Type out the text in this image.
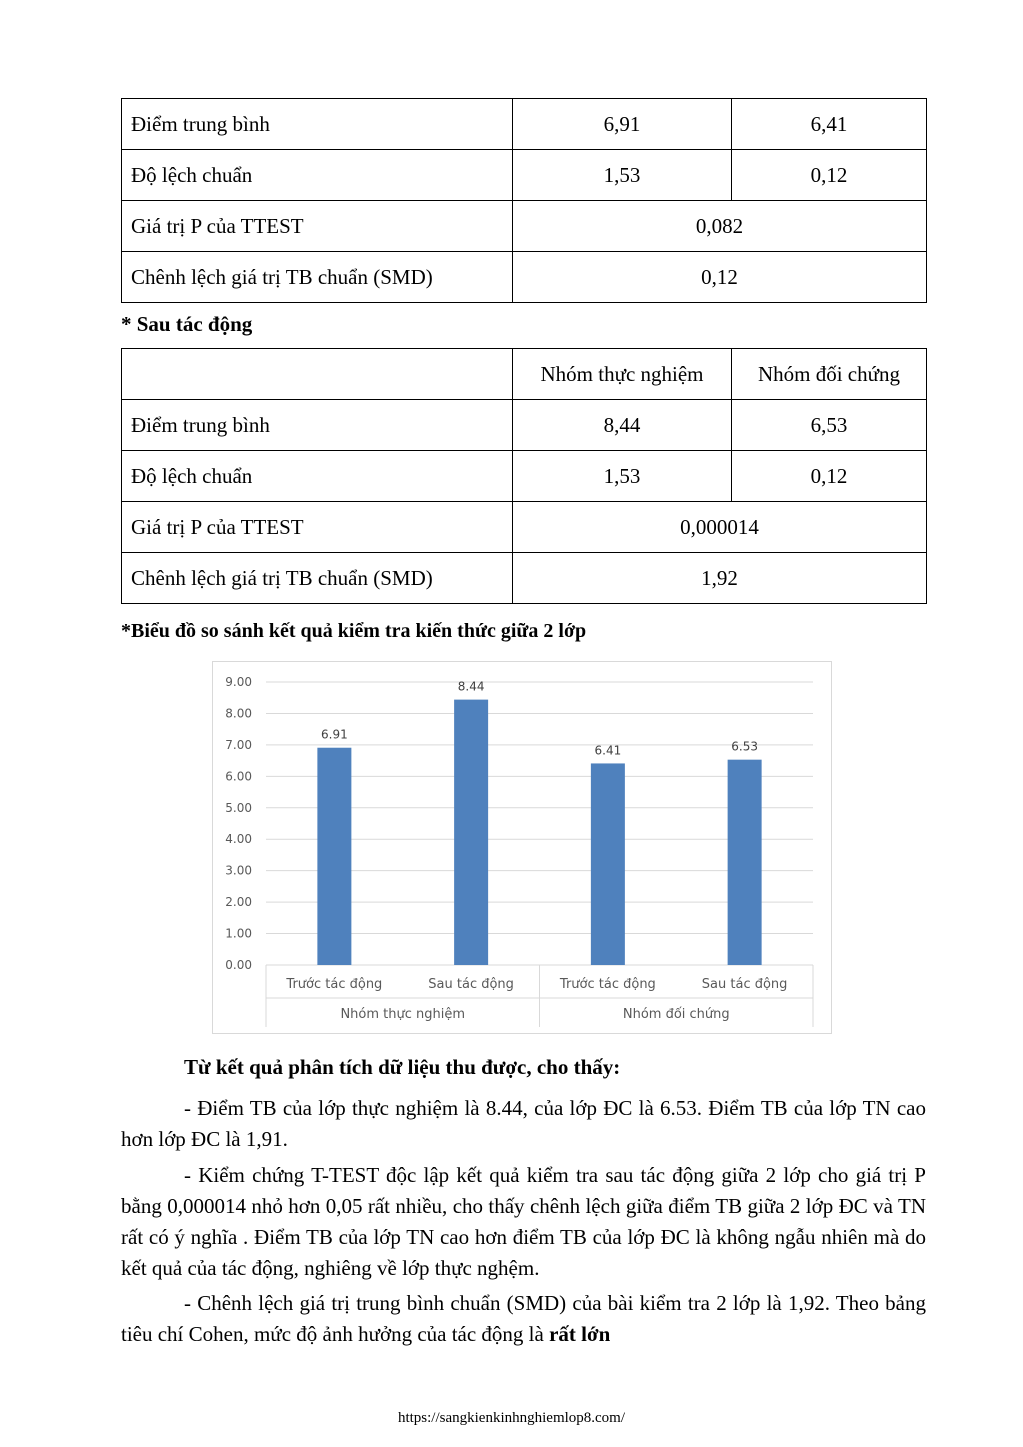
Điểm trung bình	6,91	6,41
Độ lệch chuẩn	1,53	0,12
Giá trị P của TTEST	0,082	
Chênh lệch giá trị TB chuẩn (SMD)	0,12	
* Sau tác động
	Nhóm thực nghiệm	Nhóm đối chứng
Điểm trung bình	8,44	6,53
Độ lệch chuẩn	1,53	0,12
Giá trị P của TTEST	0,000014	
Chênh lệch giá trị TB chuẩn (SMD)	1,92	
*Biểu đồ so sánh kết quả kiểm tra kiến thức giữa 2 lớp
0.00
1.00
2.00
3.00
4.00
5.00
6.00
7.00
8.00
9.00
6.91
Trước tác động
8.44
Sau tác động
Nhóm thực nghiệm
6.41
Trước tác động
6.53
Sau tác động
Nhóm đối chứng
Từ kết quả phân tích dữ liệu thu được, cho thấy:
- Điểm TB của lớp thực nghiệm là 8.44, của lớp ĐC là 6.53. Điểm TB của lớp TN cao hơn lớp ĐC là 1,91.
- Kiểm chứng T-TEST độc lập kết quả kiểm tra sau tác động giữa 2 lớp cho giá trị P bằng 0,000014 nhỏ hơn 0,05 rất nhiều, cho thấy chênh lệch giữa điểm TB giữa 2 lớp ĐC và TN rất có ý nghĩa . Điểm TB của lớp TN cao hơn điểm TB của lớp ĐC là không ngẫu nhiên mà do kết quả của tác động, nghiêng về lớp thực nghệm.
- Chênh lệch giá trị trung bình chuẩn (SMD) của bài kiểm tra 2 lớp là 1,92. Theo bảng tiêu chí Cohen, mức độ ảnh hưởng của tác động là rất lớn
https://sangkienkinhnghiemlop8.com/
